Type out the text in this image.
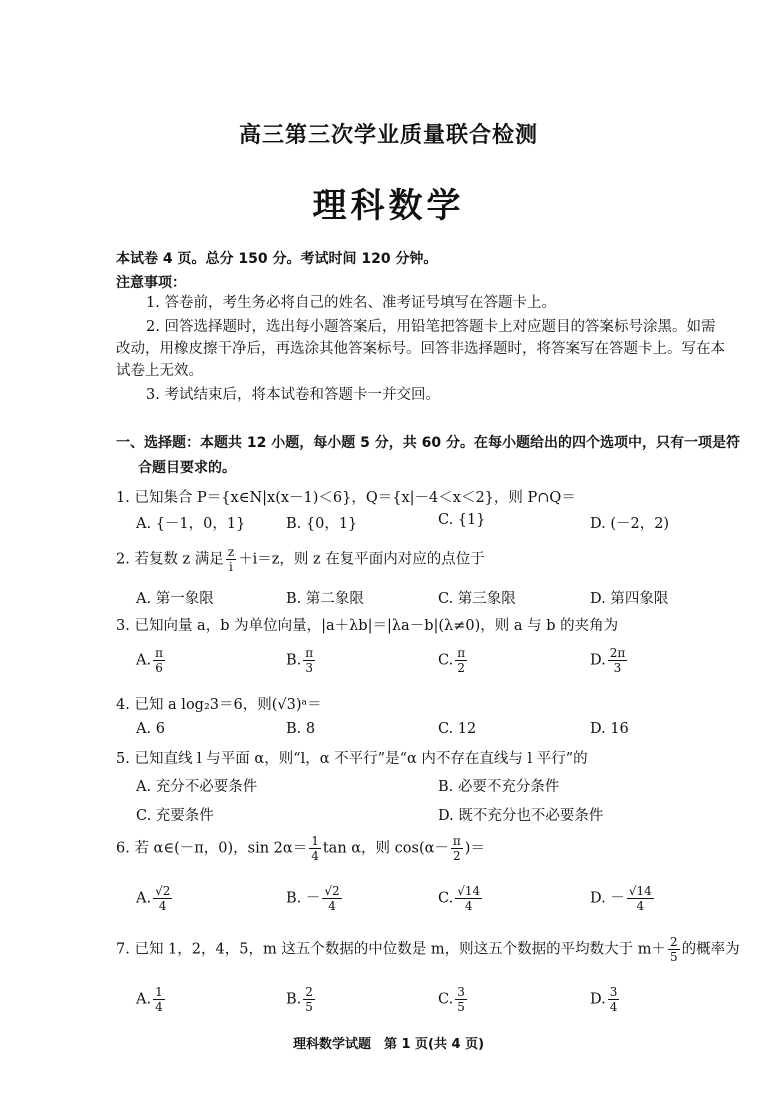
高三第三次学业质量联合检测
理科数学
本试卷 4 页。总分 150 分。考试时间 120 分钟。
注意事项：
1. 答卷前，考生务必将自己的姓名、准考证号填写在答题卡上。
2. 回答选择题时，选出每小题答案后，用铅笔把答题卡上对应题目的答案标号涂黑。如需
改动，用橡皮擦干净后，再选涂其他答案标号。回答非选择题时，将答案写在答题卡上。写在本
试卷上无效。
3. 考试结束后，将本试卷和答题卡一并交回。
一、选择题：本题共 12 小题，每小题 5 分，共 60 分。在每小题给出的四个选项中，只有一项是符
合题目要求的。
1. 已知集合 P＝{x∈N|x(x－1)＜6}，Q＝{x|－4＜x＜2}，则 P∩Q＝
A. {－1，0，1}	B. {0，1}	C. {1}	D. (－2，2)
2. 若复数 z 满足 $\frac{z}{i} +i=z$，则 z 在复平面内对应的点位于
A. 第一象限	B. 第二象限	C. 第三象限	D. 第四象限
3. 已知向量 a，b 为单位向量，|a＋λb|＝|λa－b|(λ≠0)，则 a 与 b 的夹角为
A. $\frac{\pi}{6}$	B. $\frac{\pi}{3}$	C. $\frac{\pi}{2}$	D. $\frac{2\pi}{3}$
4. 已知 a log₂3＝6，则(√3)ᵃ＝
A. 6	B. 8	C. 12	D. 16
5. 已知直线 l 与平面 α，则“l，α 不平行”是“α 内不存在直线与 l 平行”的
A. 充分不必要条件	B. 必要不充分条件
C. 充要条件	D. 既不充分也不必要条件
6. 若 α∈(－π，0)，$\sin 2\alpha= \frac{1}{4}$ tan α，则 $\cos(\alpha- \frac{\pi}{2}$ )＝
A. $\frac{√2}{4}$	B. － $\frac{√2}{4}$	C. $\frac{√14}{4}$	D. － $\frac{√14}{4}$
7. 已知 1，2，4，5，m 这五个数据的中位数是 m，则这五个数据的平均数大于 $m+ \frac{2}{5}$ 的概率为
A. $\frac{1}{4}$	B. $\frac{2}{5}$	C. $\frac{3}{5}$	D. $\frac{3}{4}$
理科数学试题　第 1 页(共 4 页)
